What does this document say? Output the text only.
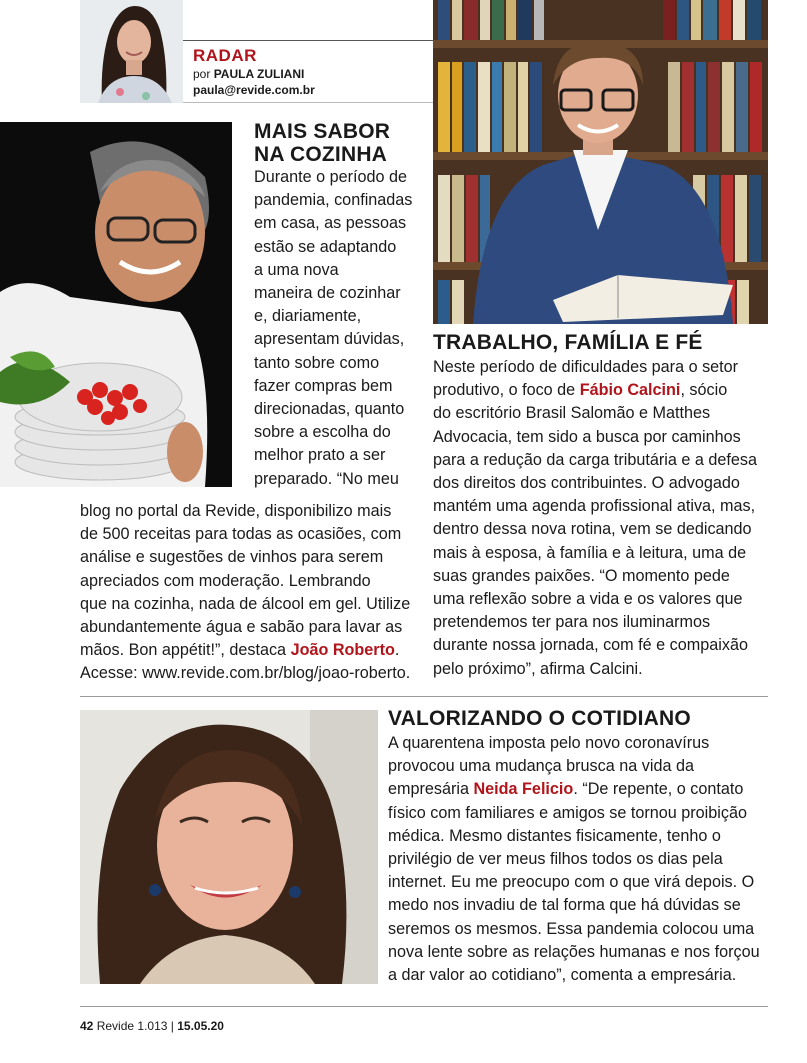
RADAR
por PAULA ZULIANI
paula@revide.com.br
MAIS SABOR
NA COZINHA
Durante o período de
pandemia, confinadas
em casa, as pessoas
estão se adaptando
a uma nova
maneira de cozinhar
e, diariamente,
apresentam dúvidas,
tanto sobre como
fazer compras bem
direcionadas, quanto
sobre a escolha do
melhor prato a ser
preparado. “No meu
blog no portal da Revide, disponibilizo mais
de 500 receitas para todas as ocasiões, com
análise e sugestões de vinhos para serem
apreciados com moderação. Lembrando
que na cozinha, nada de álcool em gel. Utilize
abundantemente água e sabão para lavar as
mãos. Bon appétit!”, destaca João Roberto.
Acesse: www.revide.com.br/blog/joao-roberto.
TRABALHO, FAMÍLIA E FÉ
Neste período de dificuldades para o setor
produtivo, o foco de Fábio Calcini, sócio
do escritório Brasil Salomão e Matthes
Advocacia, tem sido a busca por caminhos
para a redução da carga tributária e a defesa
dos direitos dos contribuintes. O advogado
mantém uma agenda profissional ativa, mas,
dentro dessa nova rotina, vem se dedicando
mais à esposa, à família e à leitura, uma de
suas grandes paixões. “O momento pede
uma reflexão sobre a vida e os valores que
pretendemos ter para nos iluminarmos
durante nossa jornada, com fé e compaixão
pelo próximo”, afirma Calcini.
VALORIZANDO O COTIDIANO
A quarentena imposta pelo novo coronavírus
provocou uma mudança brusca na vida da
empresária Neida Felicio. “De repente, o contato
físico com familiares e amigos se tornou proibição
médica. Mesmo distantes fisicamente, tenho o
privilégio de ver meus filhos todos os dias pela
internet. Eu me preocupo com o que virá depois. O
medo nos invadiu de tal forma que há dúvidas se
seremos os mesmos. Essa pandemia colocou uma
nova lente sobre as relações humanas e nos forçou
a dar valor ao cotidiano”, comenta a empresária.
42 Revide 1.013 | 15.05.20
